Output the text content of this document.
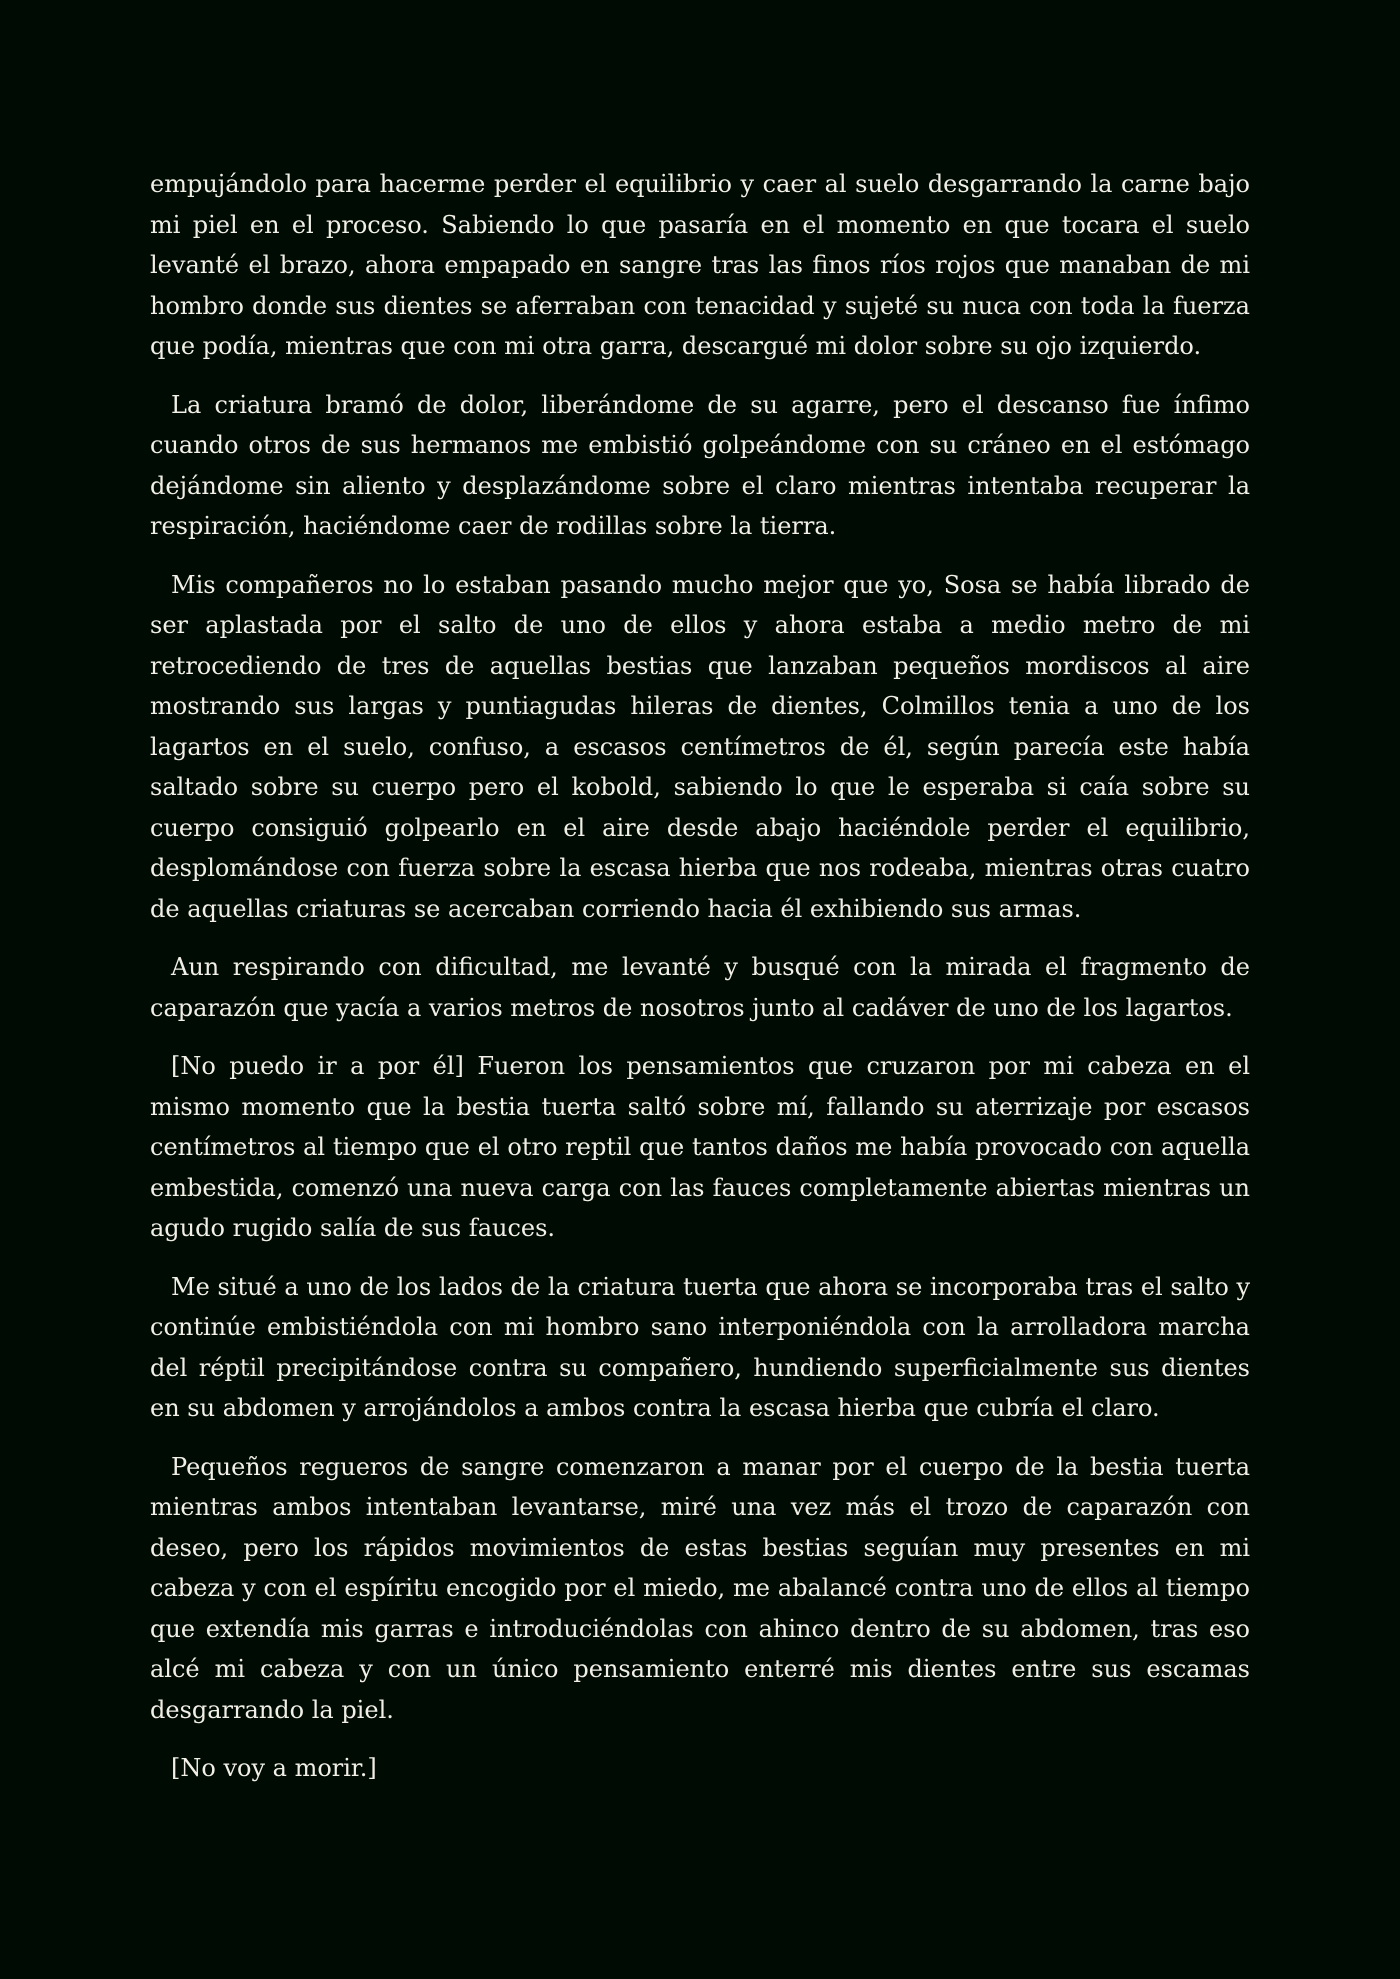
empujándolo para hacerme perder el equilibrio y caer al suelo desgarrando la carne bajo mi piel en el proceso. Sabiendo lo que pasaría en el momento en que tocara el suelo levanté el brazo, ahora empapado en sangre tras las finos ríos rojos que manaban de mi hombro donde sus dientes se aferraban con tenacidad y sujeté su nuca con toda la fuerza que podía, mientras que con mi otra garra, descargué mi dolor sobre su ojo izquierdo.

La criatura bramó de dolor, liberándome de su agarre, pero el descanso fue ínfimo cuando otros de sus hermanos me embistió golpeándome con su cráneo en el estómago dejándome sin aliento y desplazándome sobre el claro mientras intentaba recuperar la respiración, haciéndome caer de rodillas sobre la tierra.

Mis compañeros no lo estaban pasando mucho mejor que yo, Sosa se había librado de ser aplastada por el salto de uno de ellos y ahora estaba a medio metro de mi retrocediendo de tres de aquellas bestias que lanzaban pequeños mordiscos al aire mostrando sus largas y puntiagudas hileras de dientes, Colmillos tenia a uno de los lagartos en el suelo, confuso, a escasos centímetros de él, según parecía este había saltado sobre su cuerpo pero el kobold, sabiendo lo que le esperaba si caía sobre su cuerpo consiguió golpearlo en el aire desde abajo haciéndole perder el equilibrio, desplomándose con fuerza sobre la escasa hierba que nos rodeaba, mientras otras cuatro de aquellas criaturas se acercaban corriendo hacia él exhibiendo sus armas.

Aun respirando con dificultad, me levanté y busqué con la mirada el fragmento de caparazón que yacía a varios metros de nosotros junto al cadáver de uno de los lagartos.

[No puedo ir a por él] Fueron los pensamientos que cruzaron por mi cabeza en el mismo momento que la bestia tuerta saltó sobre mí, fallando su aterrizaje por escasos centímetros al tiempo que el otro reptil que tantos daños me había provocado con aquella embestida, comenzó una nueva carga con las fauces completamente abiertas mientras un agudo rugido salía de sus fauces.

Me situé a uno de los lados de la criatura tuerta que ahora se incorporaba tras el salto y continúe embistiéndola con mi hombro sano interponiéndola con la arrolladora marcha del réptil precipitándose contra su compañero, hundiendo superficialmente sus dientes en su abdomen y arrojándolos a ambos contra la escasa hierba que cubría el claro.

Pequeños regueros de sangre comenzaron a manar por el cuerpo de la bestia tuerta mientras ambos intentaban levantarse, miré una vez más el trozo de caparazón con deseo, pero los rápidos movimientos de estas bestias seguían muy presentes en mi cabeza y con el espíritu encogido por el miedo, me abalancé contra uno de ellos al tiempo que extendía mis garras e introduciéndolas con ahinco dentro de su abdomen, tras eso alcé mi cabeza y con un único pensamiento enterré mis dientes entre sus escamas desgarrando la piel.

[No voy a morir.]
